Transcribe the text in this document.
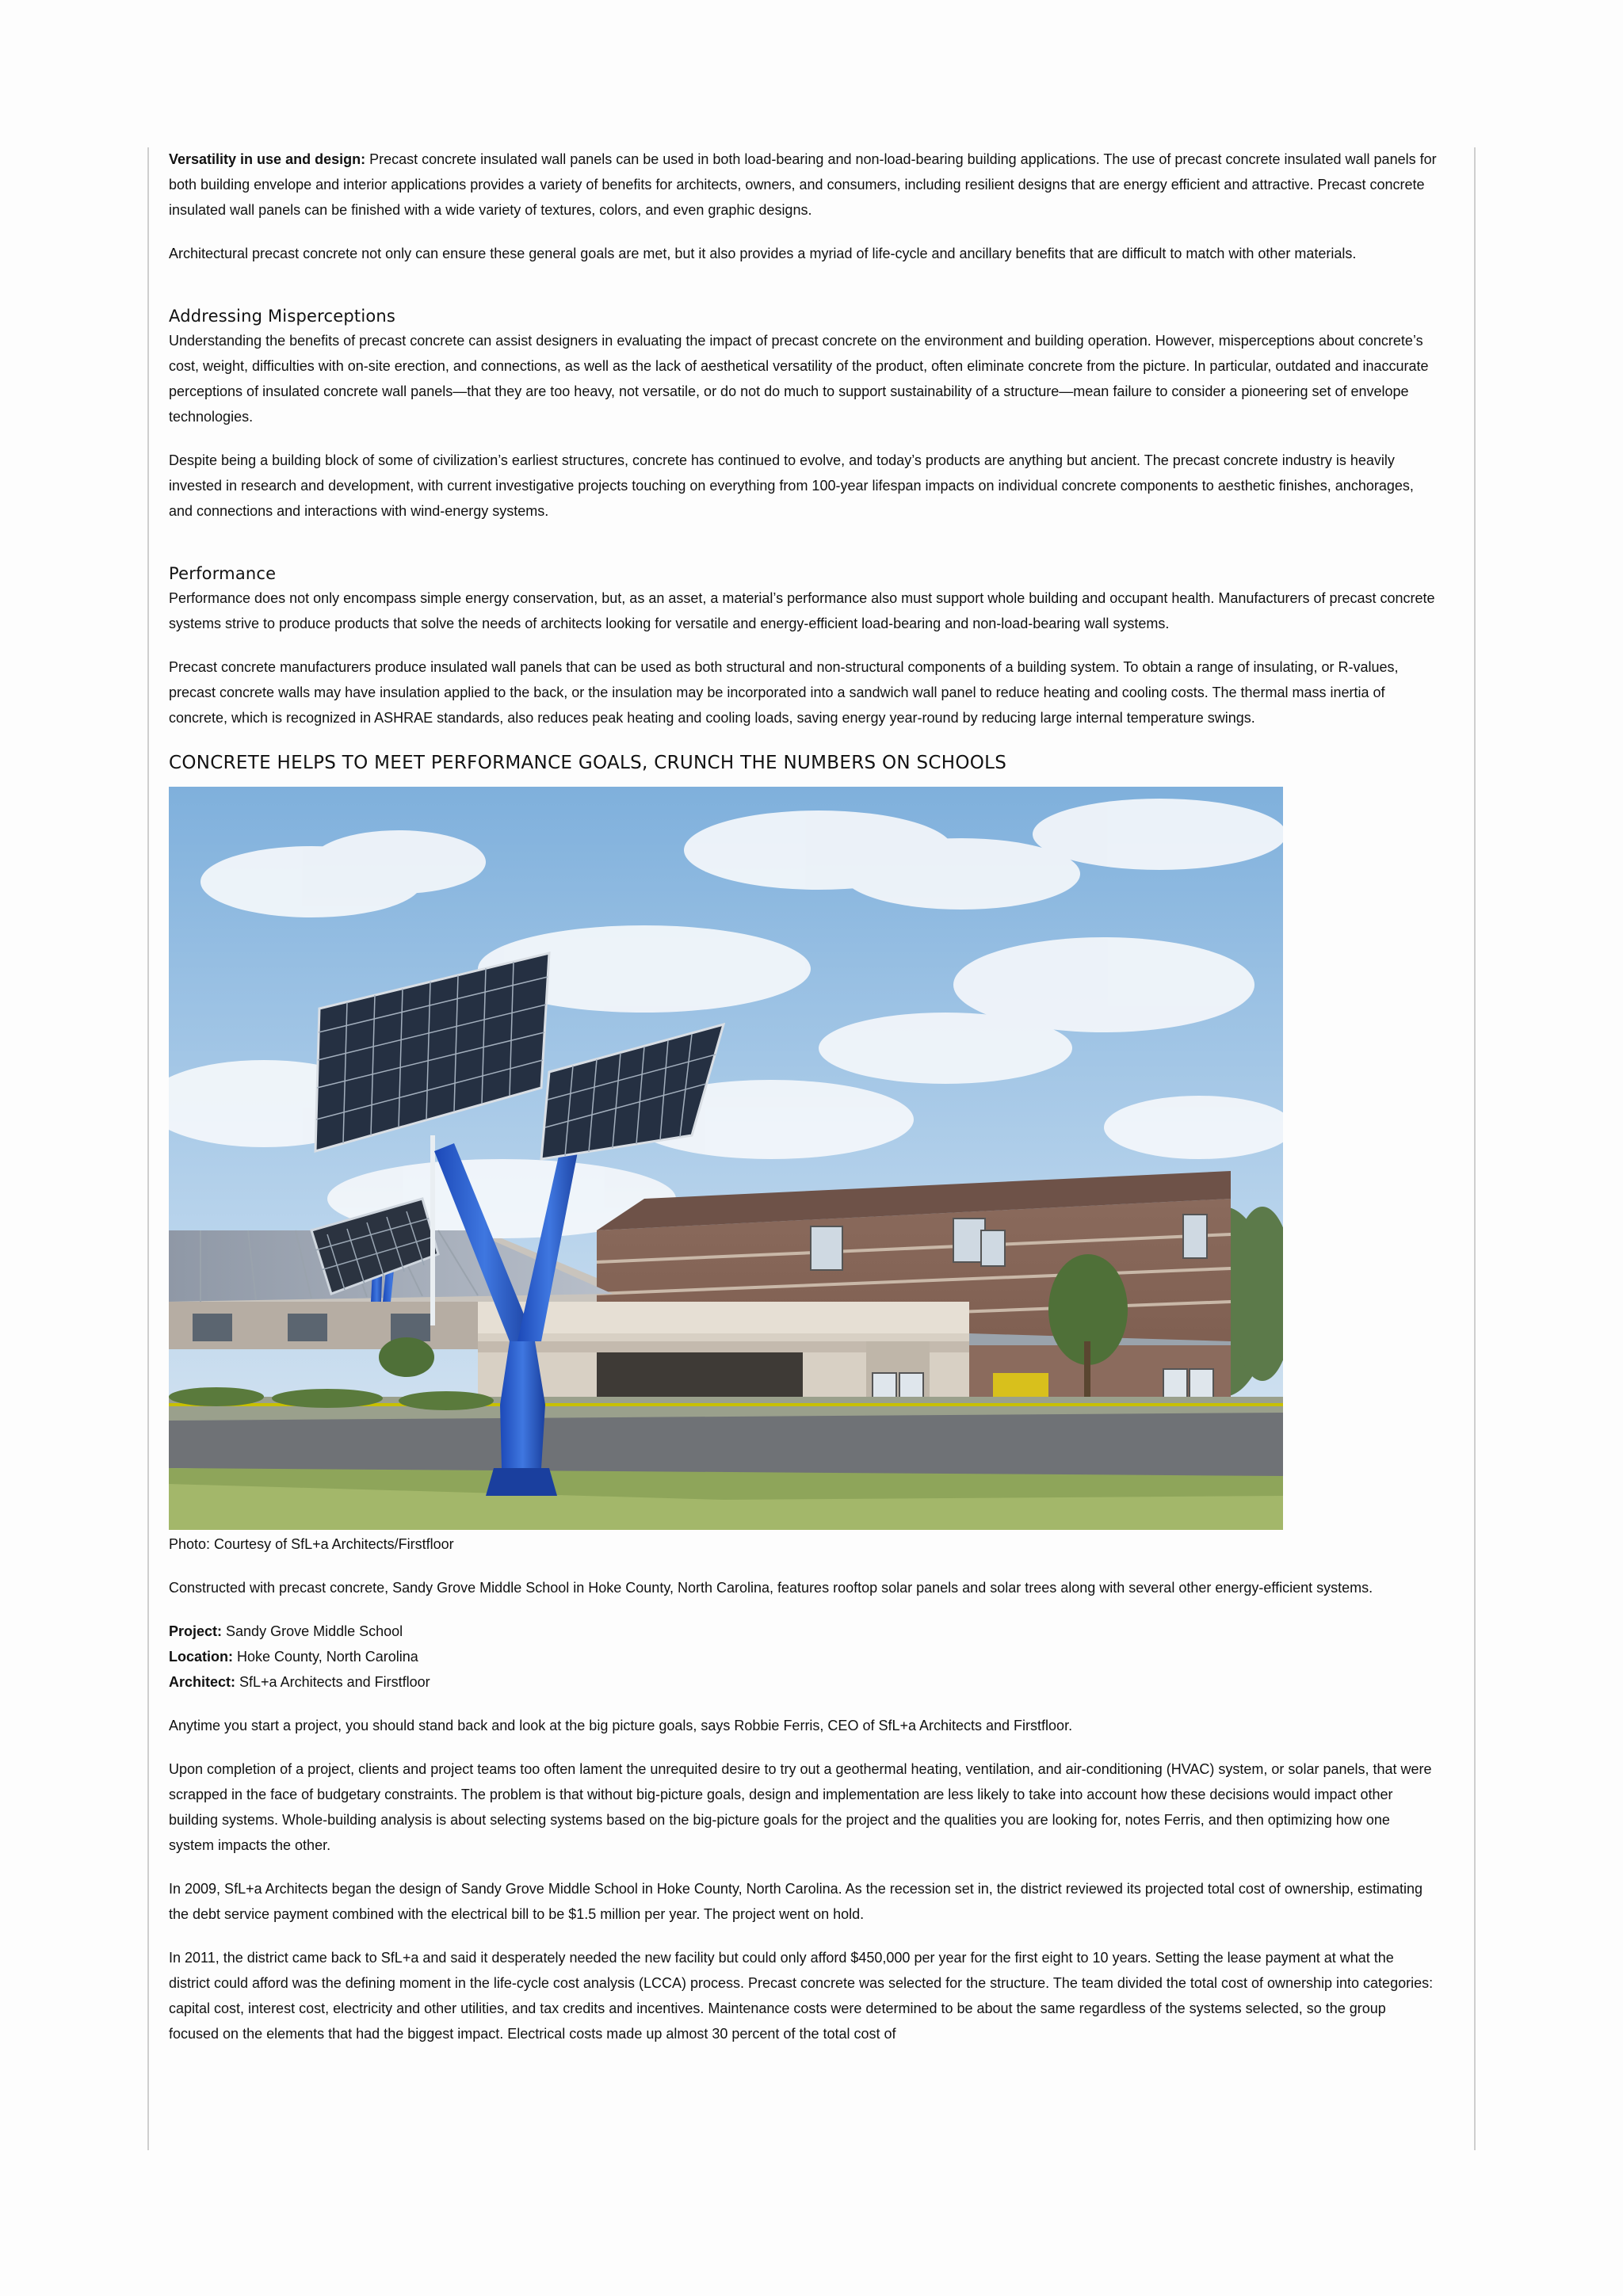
Versatility in use and design: Precast concrete insulated wall panels can be used in both load-bearing and non-load-bearing building applications. The use of precast concrete insulated wall panels for both building envelope and interior applications provides a variety of benefits for architects, owners, and consumers, including resilient designs that are energy efficient and attractive. Precast concrete insulated wall panels can be finished with a wide variety of textures, colors, and even graphic designs.

Architectural precast concrete not only can ensure these general goals are met, but it also provides a myriad of life-cycle and ancillary benefits that are difficult to match with other materials.

Addressing Misperceptions

Understanding the benefits of precast concrete can assist designers in evaluating the impact of precast concrete on the environment and building operation. However, misperceptions about concrete’s cost, weight, difficulties with on-site erection, and connections, as well as the lack of aesthetical versatility of the product, often eliminate concrete from the picture. In particular, outdated and inaccurate perceptions of insulated concrete wall panels—that they are too heavy, not versatile, or do not do much to support sustainability of a structure—mean failure to consider a pioneering set of envelope technologies.

Despite being a building block of some of civilization’s earliest structures, concrete has continued to evolve, and today’s products are anything but ancient. The precast concrete industry is heavily invested in research and development, with current investigative projects touching on everything from 100-year lifespan impacts on individual concrete components to aesthetic finishes, anchorages, and connections and interactions with wind-energy systems.

Performance

Performance does not only encompass simple energy conservation, but, as an asset, a material’s performance also must support whole building and occupant health. Manufacturers of precast concrete systems strive to produce products that solve the needs of architects looking for versatile and energy-efficient load-bearing and non-load-bearing wall systems.

Precast concrete manufacturers produce insulated wall panels that can be used as both structural and non-structural components of a building system. To obtain a range of insulating, or R-values, precast concrete walls may have insulation applied to the back, or the insulation may be incorporated into a sandwich wall panel to reduce heating and cooling costs. The thermal mass inertia of concrete, which is recognized in ASHRAE standards, also reduces peak heating and cooling loads, saving energy year-round by reducing large internal temperature swings.

CONCRETE HELPS TO MEET PERFORMANCE GOALS, CRUNCH THE NUMBERS ON SCHOOLS

Photo: Courtesy of SfL+a Architects/Firstfloor

Constructed with precast concrete, Sandy Grove Middle School in Hoke County, North Carolina, features rooftop solar panels and solar trees along with several other energy-efficient systems.

Project: Sandy Grove Middle School

Location: Hoke County, North Carolina

Architect: SfL+a Architects and Firstfloor

Anytime you start a project, you should stand back and look at the big picture goals, says Robbie Ferris, CEO of SfL+a Architects and Firstfloor.

Upon completion of a project, clients and project teams too often lament the unrequited desire to try out a geothermal heating, ventilation, and air-conditioning (HVAC) system, or solar panels, that were scrapped in the face of budgetary constraints. The problem is that without big-picture goals, design and implementation are less likely to take into account how these decisions would impact other building systems. Whole-building analysis is about selecting systems based on the big-picture goals for the project and the qualities you are looking for, notes Ferris, and then optimizing how one system impacts the other.

In 2009, SfL+a Architects began the design of Sandy Grove Middle School in Hoke County, North Carolina. As the recession set in, the district reviewed its projected total cost of ownership, estimating the debt service payment combined with the electrical bill to be $1.5 million per year. The project went on hold.

In 2011, the district came back to SfL+a and said it desperately needed the new facility but could only afford $450,000 per year for the first eight to 10 years. Setting the lease payment at what the district could afford was the defining moment in the life-cycle cost analysis (LCCA) process. Precast concrete was selected for the structure. The team divided the total cost of ownership into categories: capital cost, interest cost, electricity and other utilities, and tax credits and incentives. Maintenance costs were determined to be about the same regardless of the systems selected, so the group focused on the elements that had the biggest impact. Electrical costs made up almost 30 percent of the total cost of
